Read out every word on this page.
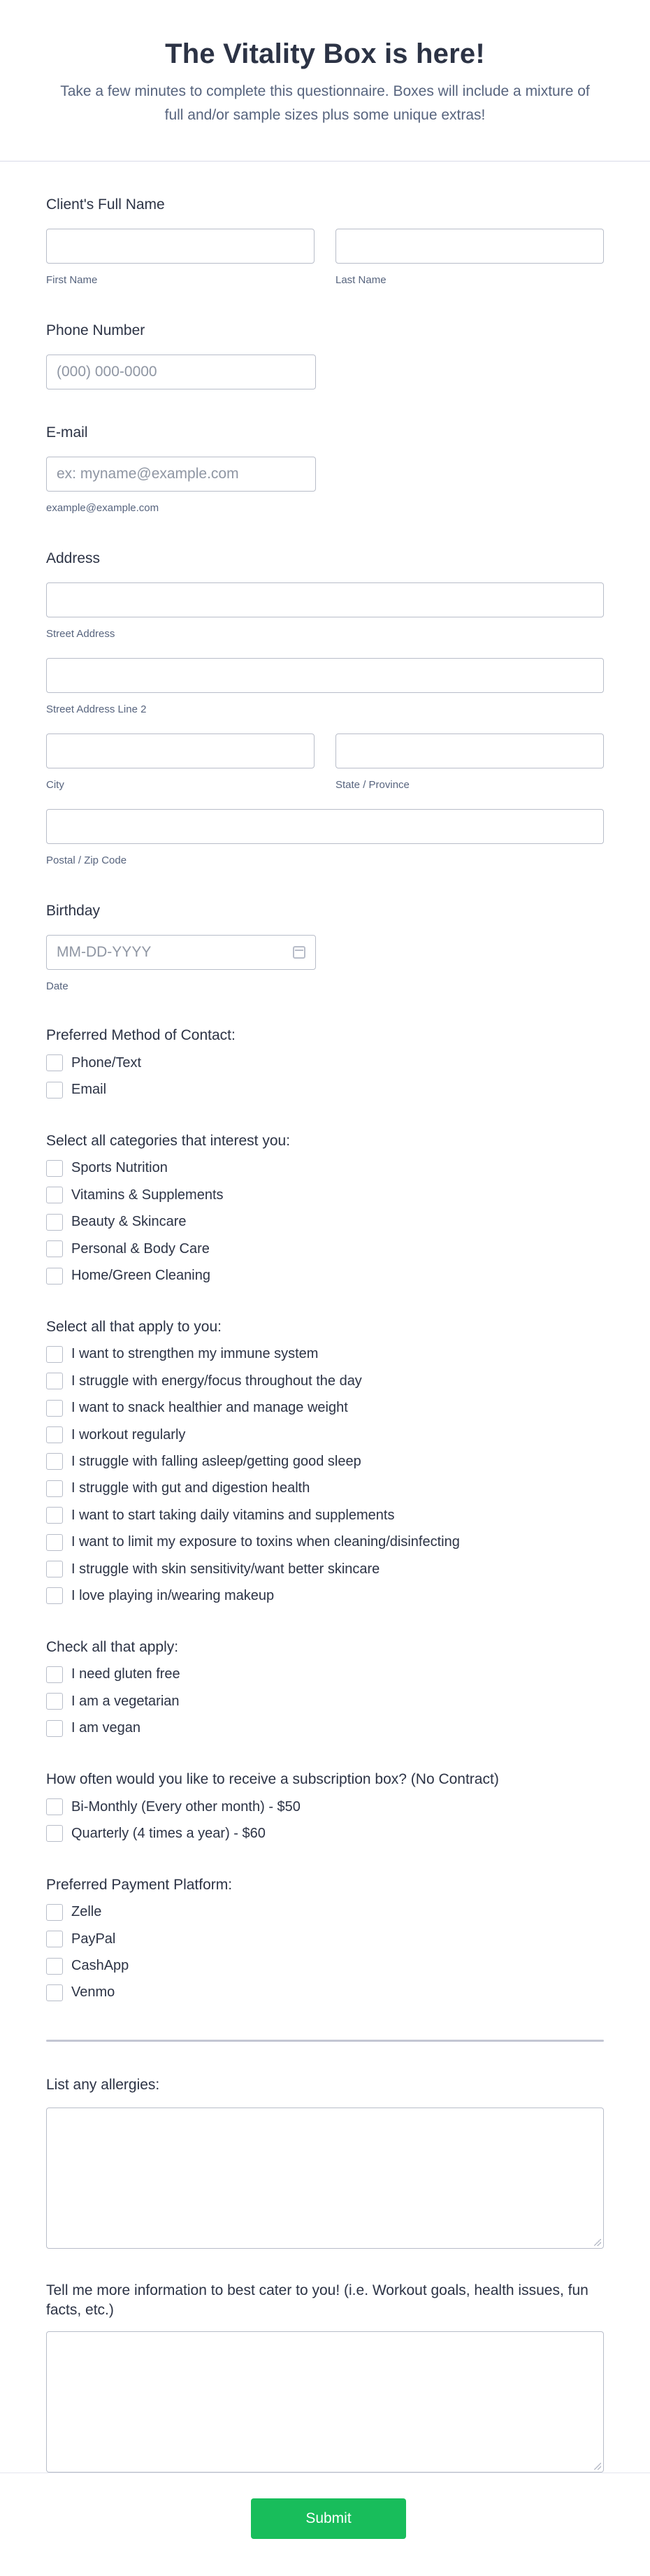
The Vitality Box is here!

Take a few minutes to complete this questionnaire. Boxes will include a mixture of full and/or sample sizes plus some unique extras!

Client's Full Name
First Name	Last Name
Phone Number
(000) 000-0000
E-mail
ex: myname@example.com
example@example.com
Address
Street Address
Street Address Line 2
City	State / Province
Postal / Zip Code
Birthday
MM-DD-YYYY
Date
Preferred Method of Contact:
Phone/Text
Email
Select all categories that interest you:
Sports Nutrition
Vitamins & Supplements
Beauty & Skincare
Personal & Body Care
Home/Green Cleaning
Select all that apply to you:
I want to strengthen my immune system
I struggle with energy/focus throughout the day
I want to snack healthier and manage weight
I workout regularly
I struggle with falling asleep/getting good sleep
I struggle with gut and digestion health
I want to start taking daily vitamins and supplements
I want to limit my exposure to toxins when cleaning/disinfecting
I struggle with skin sensitivity/want better skincare
I love playing in/wearing makeup
Check all that apply:
I need gluten free
I am a vegetarian
I am vegan
How often would you like to receive a subscription box? (No Contract)
Bi-Monthly (Every other month) - $50
Quarterly (4 times a year) - $60
Preferred Payment Platform:
Zelle
PayPal
CashApp
Venmo
List any allergies:
Tell me more information to best cater to you! (i.e. Workout goals, health issues, fun facts, etc.)
Submit
